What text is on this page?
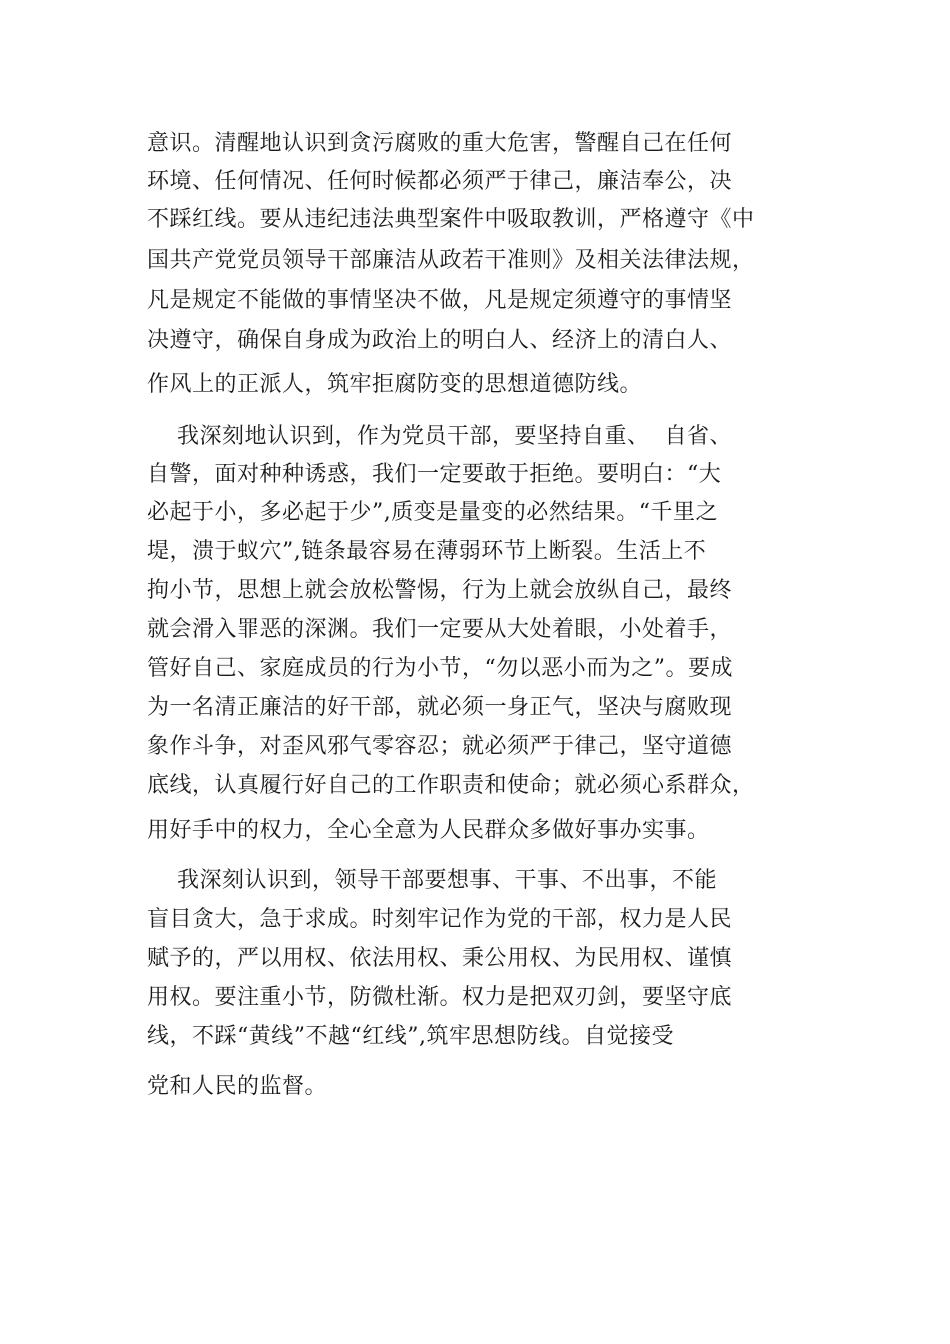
意识。清醒地认识到贪污腐败的重大危害，警醒自己在任何
环境、任何情况、任何时候都必须严于律己，廉洁奉公，决
不踩红线。要从违纪违法典型案件中吸取教训，严格遵守《中
国共产党党员领导干部廉洁从政若干准则》及相关法律法规，
凡是规定不能做的事情坚决不做，凡是规定须遵守的事情坚
决遵守，确保自身成为政治上的明白人、经济上的清白人、
作风上的正派人，筑牢拒腐防变的思想道德防线。
我深刻地认识到，作为党员干部，要坚持自重、  自省、
自警，面对种种诱惑，我们一定要敢于拒绝。要明白：“大
必起于小，多必起于少”,质变是量变的必然结果。“千里之
堤，溃于蚁穴”,链条最容易在薄弱环节上断裂。生活上不
拘小节，思想上就会放松警惕，行为上就会放纵自己，最终
就会滑入罪恶的深渊。我们一定要从大处着眼，小处着手，
管好自己、家庭成员的行为小节，“勿以恶小而为之”。要成
为一名清正廉洁的好干部，就必须一身正气，坚决与腐败现
象作斗争，对歪风邪气零容忍；就必须严于律己，坚守道德
底线，认真履行好自己的工作职责和使命；就必须心系群众，
用好手中的权力，全心全意为人民群众多做好事办实事。
我深刻认识到，领导干部要想事、干事、不出事，不能
盲目贪大，急于求成。时刻牢记作为党的干部，权力是人民
赋予的，严以用权、依法用权、秉公用权、为民用权、谨慎
用权。要注重小节，防微杜渐。权力是把双刃剑，要坚守底
线，不踩“黄线”不越“红线”,筑牢思想防线。自觉接受
党和人民的监督。
